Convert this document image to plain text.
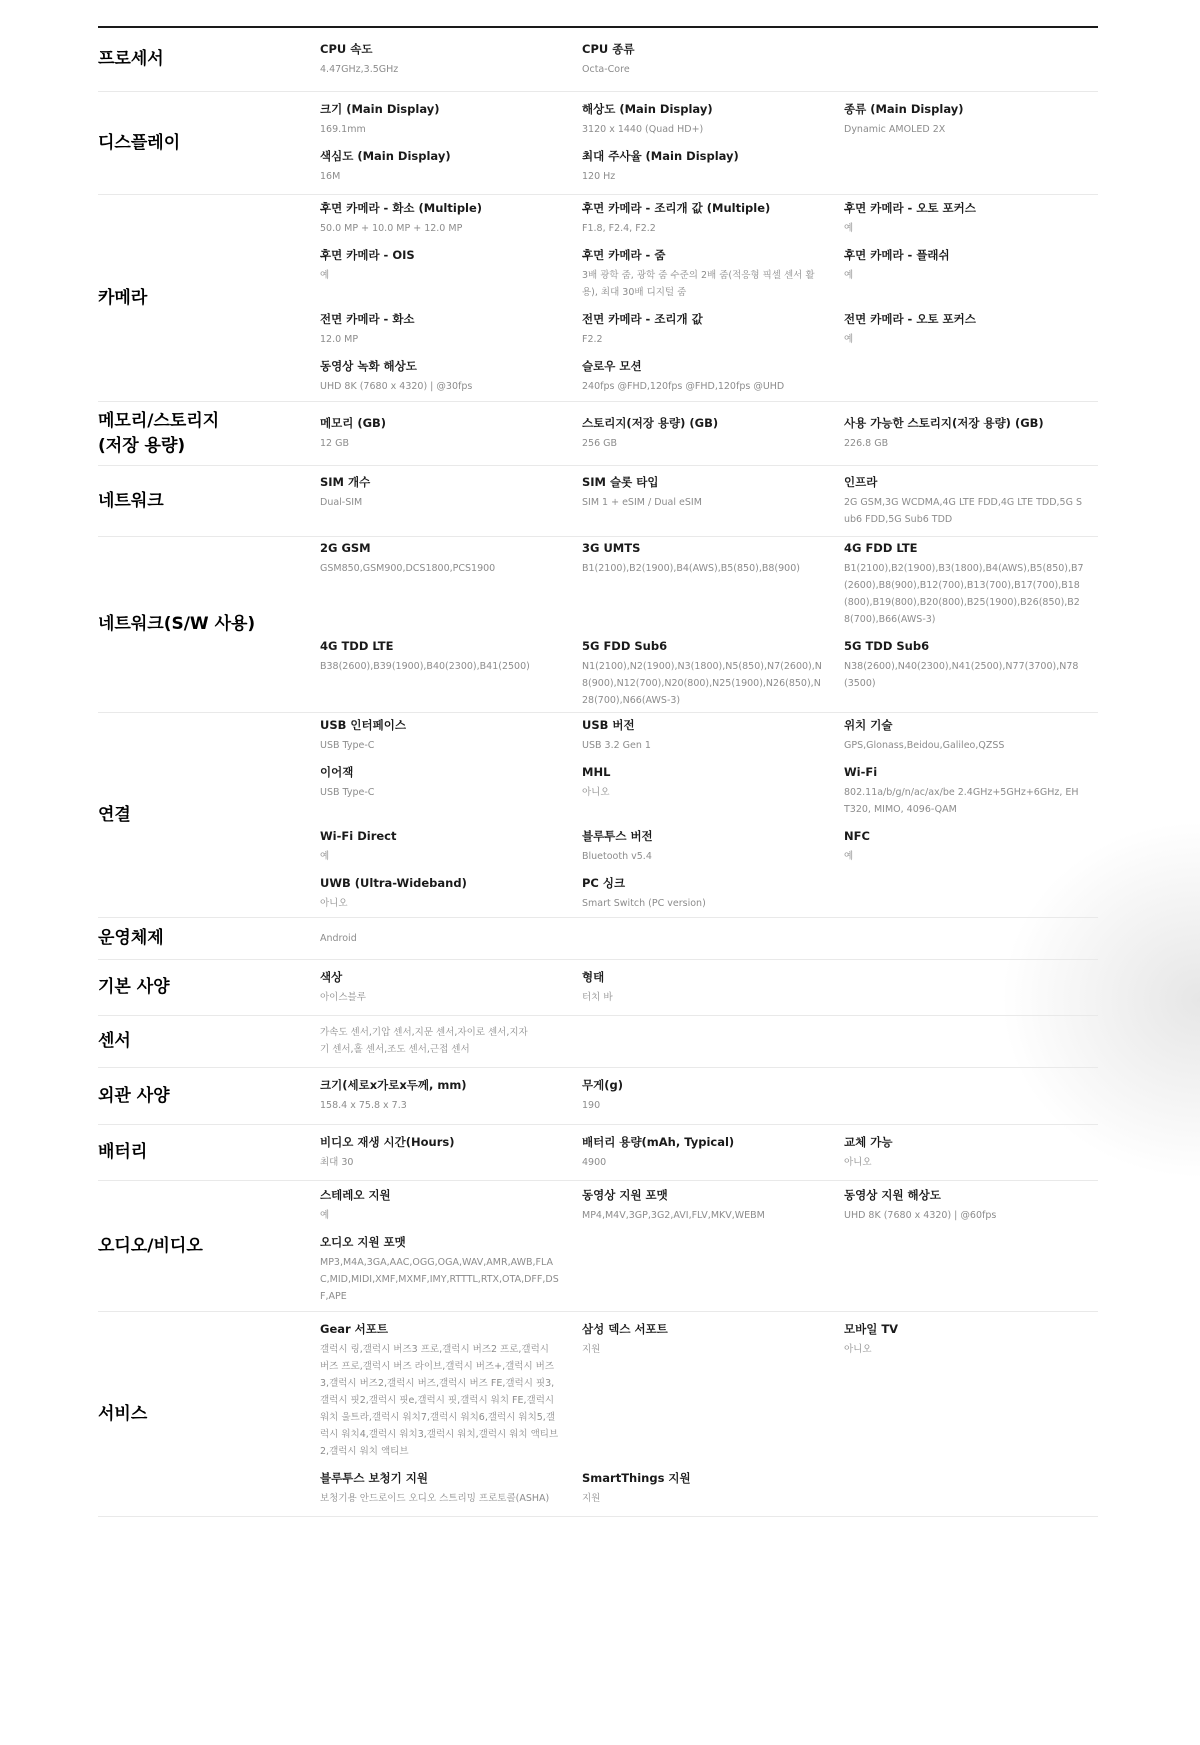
프로세서
CPU 속도
4.47GHz,3.5GHz
CPU 종류
Octa-Core
디스플레이
크기 (Main Display)
169.1mm
해상도 (Main Display)
3120 x 1440 (Quad HD+)
종류 (Main Display)
Dynamic AMOLED 2X
색심도 (Main Display)
16M
최대 주사율 (Main Display)
120 Hz
카메라
후면 카메라 - 화소 (Multiple)
50.0 MP + 10.0 MP + 12.0 MP
후면 카메라 - 조리개 값 (Multiple)
F1.8, F2.4, F2.2
후면 카메라 - 오토 포커스
예
후면 카메라 - OIS
예
후면 카메라 - 줌
3배 광학 줌, 광학 줌 수준의 2배 줌(적응형 픽셀 센서 활용), 최대 30배 디지털 줌
후면 카메라 - 플래쉬
예
전면 카메라 - 화소
12.0 MP
전면 카메라 - 조리개 값
F2.2
전면 카메라 - 오토 포커스
예
동영상 녹화 해상도
UHD 8K (7680 x 4320) | @30fps
슬로우 모션
240fps @FHD,120fps @FHD,120fps @UHD
메모리/스토리지
(저장 용량)
메모리 (GB)
12 GB
스토리지(저장 용량) (GB)
256 GB
사용 가능한 스토리지(저장 용량) (GB)
226.8 GB
네트워크
SIM 개수
Dual-SIM
SIM 슬롯 타입
SIM 1 + eSIM / Dual eSIM
인프라
2G GSM,3G WCDMA,4G LTE FDD,4G LTE TDD,5G Sub6 FDD,5G Sub6 TDD
네트워크(S/W 사용)
2G GSM
GSM850,GSM900,DCS1800,PCS1900
3G UMTS
B1(2100),B2(1900),B4(AWS),B5(850),B8(900)
4G FDD LTE
B1(2100),B2(1900),B3(1800),B4(AWS),B5(850),B7(2600),B8(900),B12(700),B13(700),B17(700),B18(800),B19(800),B20(800),B25(1900),B26(850),B28(700),B66(AWS-3)
4G TDD LTE
B38(2600),B39(1900),B40(2300),B41(2500)
5G FDD Sub6
N1(2100),N2(1900),N3(1800),N5(850),N7(2600),N8(900),N12(700),N20(800),N25(1900),N26(850),N28(700),N66(AWS-3)
5G TDD Sub6
N38(2600),N40(2300),N41(2500),N77(3700),N78(3500)
연결
USB 인터페이스
USB Type-C
USB 버전
USB 3.2 Gen 1
위치 기술
GPS,Glonass,Beidou,Galileo,QZSS
이어잭
USB Type-C
MHL
아니오
Wi-Fi
802.11a/b/g/n/ac/ax/be 2.4GHz+5GHz+6GHz, EHT320, MIMO, 4096-QAM
Wi-Fi Direct
예
블루투스 버전
Bluetooth v5.4
NFC
예
UWB (Ultra-Wideband)
아니오
PC 싱크
Smart Switch (PC version)
운영체제	Android
기본 사양
색상
아이스블루
형태
터치 바
센서	가속도 센서,기압 센서,지문 센서,자이로 센서,지자기 센서,홀 센서,조도 센서,근접 센서
외관 사양
크기(세로x가로x두께, mm)
158.4 x 75.8 x 7.3
무게(g)
190
배터리
비디오 재생 시간(Hours)
최대 30
배터리 용량(mAh, Typical)
4900
교체 가능
아니오
오디오/비디오
스테레오 지원
예
동영상 지원 포맷
MP4,M4V,3GP,3G2,AVI,FLV,MKV,WEBM
동영상 지원 해상도
UHD 8K (7680 x 4320) | @60fps
오디오 지원 포맷
MP3,M4A,3GA,AAC,OGG,OGA,WAV,AMR,AWB,FLAC,MID,MIDI,XMF,MXMF,IMY,RTTTL,RTX,OTA,DFF,DSF,APE
서비스
Gear 서포트
갤럭시 링,갤럭시 버즈3 프로,갤럭시 버즈2 프로,갤럭시 버즈 프로,갤럭시 버즈 라이브,갤럭시 버즈+,갤럭시 버즈3,갤럭시 버즈2,갤럭시 버즈,갤럭시 버즈 FE,갤럭시 핏3,갤럭시 핏2,갤럭시 핏e,갤럭시 핏,갤럭시 워치 FE,갤럭시 워치 울트라,갤럭시 워치7,갤럭시 워치6,갤럭시 워치5,갤럭시 워치4,갤럭시 워치3,갤럭시 워치,갤럭시 워치 액티브2,갤럭시 워치 액티브
삼성 덱스 서포트
지원
모바일 TV
아니오
블루투스 보청기 지원
보청기용 안드로이드 오디오 스트리밍 프로토콜(ASHA)
SmartThings 지원
지원
